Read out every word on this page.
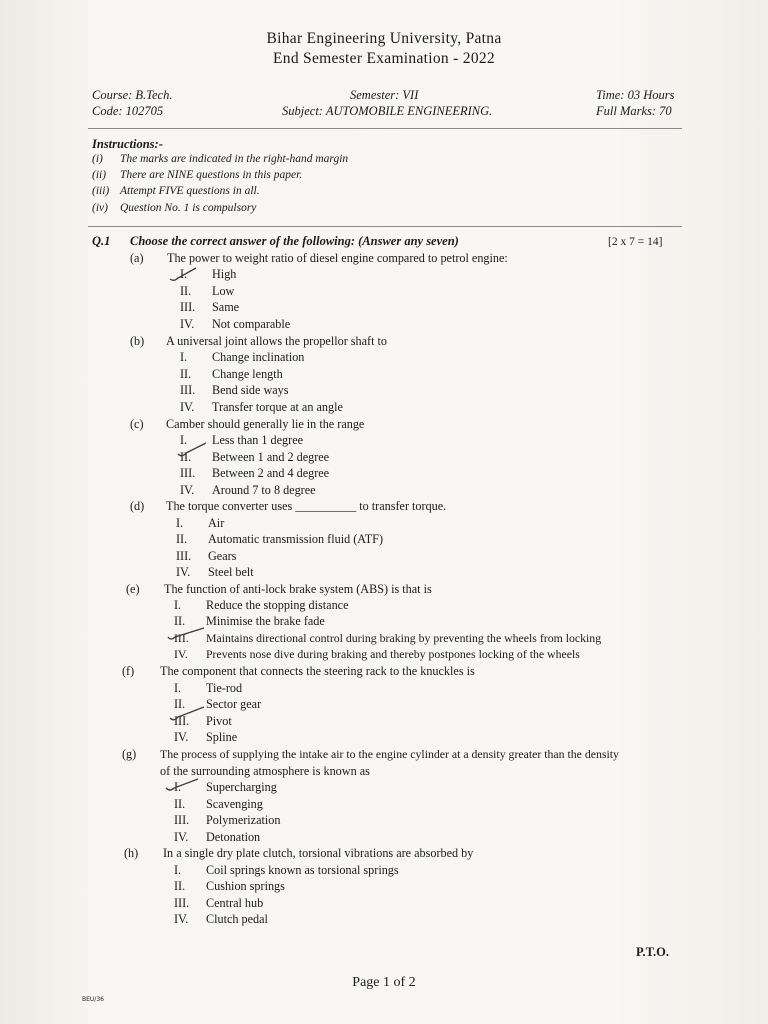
Bihar Engineering University, Patna
End Semester Examination - 2022
Course: B.Tech.
Code: 102705
Semester: VII
Subject: AUTOMOBILE ENGINEERING.
Time: 03 Hours
Full Marks: 70
Instructions:-
(i) The marks are indicated in the right-hand margin
(ii) There are NINE questions in this paper.
(iii) Attempt FIVE questions in all.
(iv) Question No. 1 is compulsory
Q.1 Choose the correct answer of the following: (Answer any seven)	[2 x 7 = 14]
(a) The power to weight ratio of diesel engine compared to petrol engine:
I. High
II. Low
III. Same
IV. Not comparable
(b) A universal joint allows the propellor shaft to
I. Change inclination
II. Change length
III. Bend side ways
IV. Transfer torque at an angle
(c) Camber should generally lie in the range
I. Less than 1 degree
II. Between 1 and 2 degree
III. Between 2 and 4 degree
IV. Around 7 to 8 degree
(d) The torque converter uses __________ to transfer torque.
I. Air
II. Automatic transmission fluid (ATF)
III. Gears
IV. Steel belt
(e) The function of anti-lock brake system (ABS) is that is
I. Reduce the stopping distance
II. Minimise the brake fade
III. Maintains directional control during braking by preventing the wheels from locking
IV. Prevents nose dive during braking and thereby postpones locking of the wheels
(f) The component that connects the steering rack to the knuckles is
I. Tie-rod
II. Sector gear
III. Pivot
IV. Spline
(g) The process of supplying the intake air to the engine cylinder at a density greater than the density
of the surrounding atmosphere is known as
I. Supercharging
II. Scavenging
III. Polymerization
IV. Detonation
(h) In a single dry plate clutch, torsional vibrations are absorbed by
I. Coil springs known as torsional springs
II. Cushion springs
III. Central hub
IV. Clutch pedal
P.T.O.
Page 1 of 2
BEU/36
